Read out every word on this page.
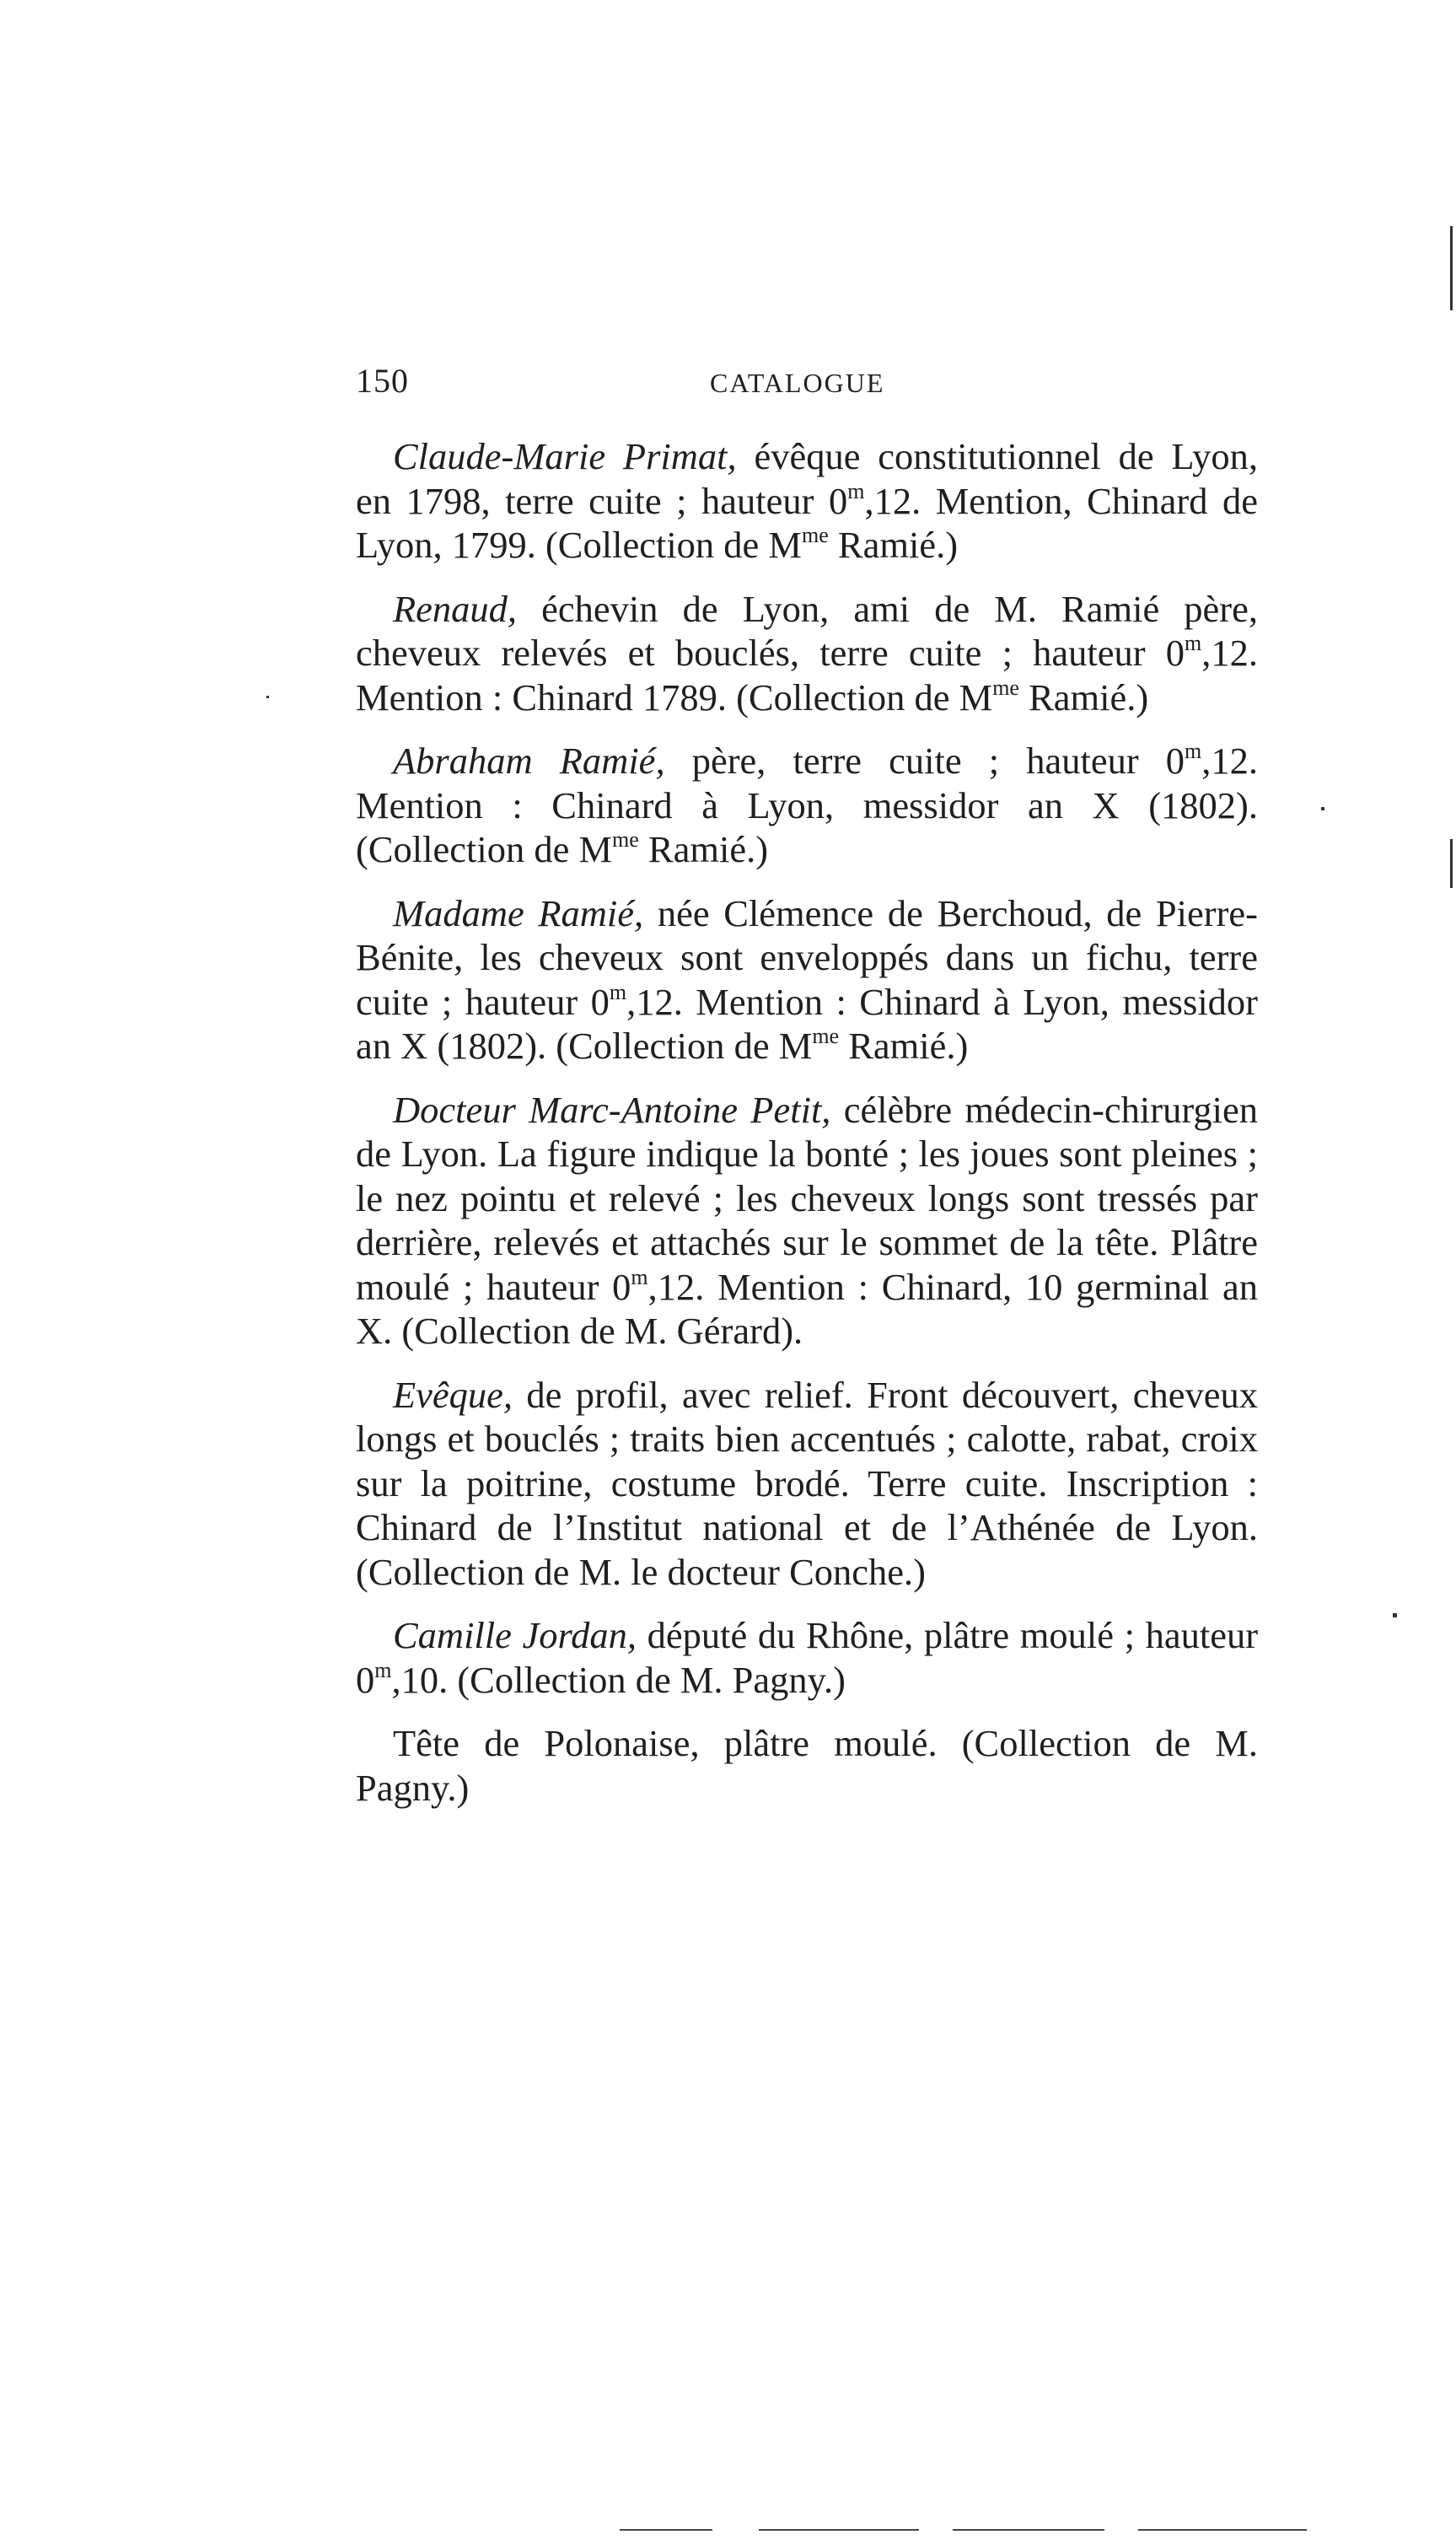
150	CATALOGUE

Claude-Marie Primat, évêque constitutionnel de Lyon, en 1798, terre cuite ; hauteur 0$^m$,12. Mention, Chinard de Lyon, 1799. (Collection de $M^{me}$ Ramié.)

Renaud, échevin de Lyon, ami de M. Ramié père, cheveux relevés et bouclés, terre cuite ; hauteur 0$^m$,12. Mention : Chinard 1789. (Collection de $M^{me}$ Ramié.)

Abraham Ramié, père, terre cuite ; hauteur 0$^m$,12. Mention : Chinard à Lyon, messidor an X (1802). (Collection de $M^{me}$ Ramié.)

Madame Ramié, née Clémence de Berchoud, de Pierre-Bénite, les cheveux sont enveloppés dans un fichu, terre cuite ; hauteur 0$^m$,12. Mention : Chinard à Lyon, messidor an X (1802). (Collection de $M^{me}$ Ramié.)

Docteur Marc-Antoine Petit, célèbre médecin-chirurgien de Lyon. La figure indique la bonté ; les joues sont pleines ; le nez pointu et relevé ; les cheveux longs sont tressés par derrière, relevés et attachés sur le sommet de la tête. Plâtre moulé ; hauteur 0$^m$,12. Mention : Chinard, 10 germinal an X. (Collection de M. Gérard).

Evêque, de profil, avec relief. Front découvert, cheveux longs et bouclés ; traits bien accentués ; calotte, rabat, croix sur la poitrine, costume brodé. Terre cuite. Inscription : Chinard de l’Institut national et de l’Athénée de Lyon. (Collection de M. le docteur Conche.)

Camille Jordan, député du Rhône, plâtre moulé ; hauteur 0$^m$,10. (Collection de M. Pagny.)

Tête de Polonaise, plâtre moulé. (Collection de M. Pagny.)
